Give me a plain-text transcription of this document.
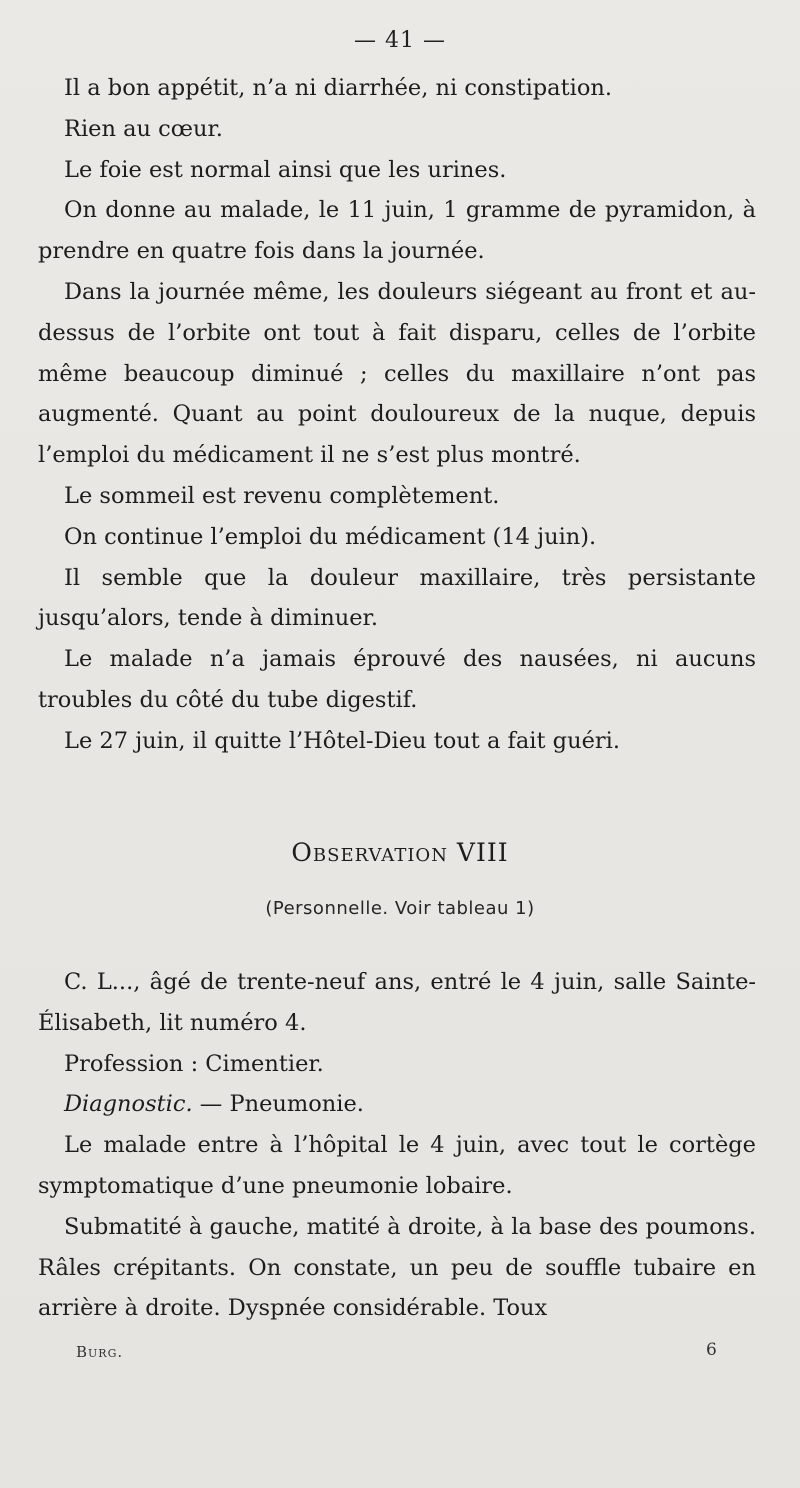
— 41 —

Il a bon appétit, n’a ni diarrhée, ni constipation.

Rien au cœur.

Le foie est normal ainsi que les urines.

On donne au malade, le 11 juin, 1 gramme de pyramidon, à prendre en quatre fois dans la journée.

Dans la journée même, les douleurs siégeant au front et au-dessus de l’orbite ont tout à fait disparu, celles de l’orbite même beaucoup diminué ; celles du maxillaire n’ont pas augmenté. Quant au point douloureux de la nuque, depuis l’emploi du médicament il ne s’est plus montré.

Le sommeil est revenu complètement.

On continue l’emploi du médicament (14 juin).

Il semble que la douleur maxillaire, très persistante jusqu’alors, tende à diminuer.

Le malade n’a jamais éprouvé des nausées, ni aucuns troubles du côté du tube digestif.

Le 27 juin, il quitte l’Hôtel-Dieu tout a fait guéri.

Observation VIII
(Personnelle. Voir tableau 1)

C. L..., âgé de trente-neuf ans, entré le 4 juin, salle Sainte-Élisabeth, lit numéro 4.

Profession : Cimentier.

Diagnostic. — Pneumonie.

Le malade entre à l’hôpital le 4 juin, avec tout le cortège symptomatique d’une pneumonie lobaire.

Submatité à gauche, matité à droite, à la base des poumons. Râles crépitants. On constate, un peu de souffle tubaire en arrière à droite. Dyspnée considérable. Toux

Burg.	6
